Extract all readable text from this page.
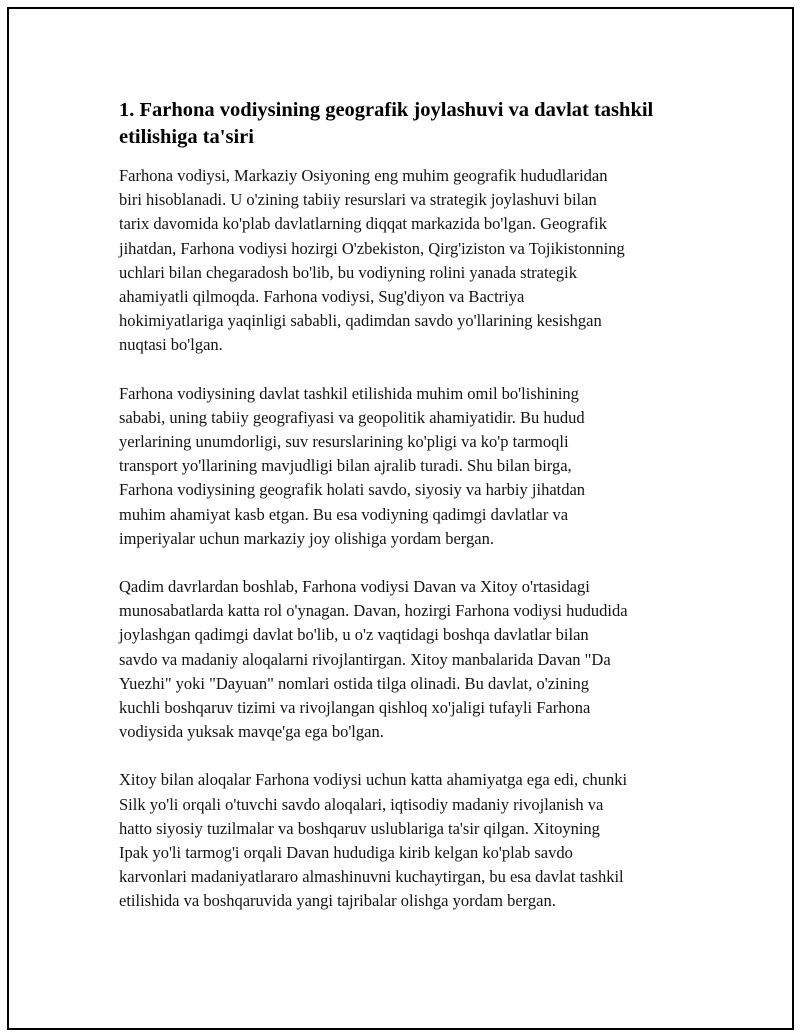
1. Farhona vodiysining geografik joylashuvi va davlat tashkil
etilishiga ta'siri

Farhona vodiysi, Markaziy Osiyoning eng muhim geografik hududlaridan
biri hisoblanadi. U o'zining tabiiy resurslari va strategik joylashuvi bilan
tarix davomida ko'plab davlatlarning diqqat markazida bo'lgan. Geografik
jihatdan, Farhona vodiysi hozirgi O'zbekiston, Qirg'iziston va Tojikistonning
uchlari bilan chegaradosh bo'lib, bu vodiyning rolini yanada strategik
ahamiyatli qilmoqda. Farhona vodiysi, Sug'diyon va Bactriya
hokimiyatlariga yaqinligi sababli, qadimdan savdo yo'llarining kesishgan
nuqtasi bo'lgan.

Farhona vodiysining davlat tashkil etilishida muhim omil bo'lishining
sababi, uning tabiiy geografiyasi va geopolitik ahamiyatidir. Bu hudud
yerlarining unumdorligi, suv resurslarining ko'pligi va ko'p tarmoqli
transport yo'llarining mavjudligi bilan ajralib turadi. Shu bilan birga,
Farhona vodiysining geografik holati savdo, siyosiy va harbiy jihatdan
muhim ahamiyat kasb etgan. Bu esa vodiyning qadimgi davlatlar va
imperiyalar uchun markaziy joy olishiga yordam bergan.

Qadim davrlardan boshlab, Farhona vodiysi Davan va Xitoy o'rtasidagi
munosabatlarda katta rol o'ynagan. Davan, hozirgi Farhona vodiysi hududida
joylashgan qadimgi davlat bo'lib, u o'z vaqtidagi boshqa davlatlar bilan
savdo va madaniy aloqalarni rivojlantirgan. Xitoy manbalarida Davan "Da
Yuezhi" yoki "Dayuan" nomlari ostida tilga olinadi. Bu davlat, o'zining
kuchli boshqaruv tizimi va rivojlangan qishloq xo'jaligi tufayli Farhona
vodiysida yuksak mavqe'ga ega bo'lgan.

Xitoy bilan aloqalar Farhona vodiysi uchun katta ahamiyatga ega edi, chunki
Silk yo'li orqali o'tuvchi savdo aloqalari, iqtisodiy madaniy rivojlanish va
hatto siyosiy tuzilmalar va boshqaruv uslublariga ta'sir qilgan. Xitoyning
Ipak yo'li tarmog'i orqali Davan hududiga kirib kelgan ko'plab savdo
karvonlari madaniyatlararo almashinuvni kuchaytirgan, bu esa davlat tashkil
etilishida va boshqaruvida yangi tajribalar olishga yordam bergan.
